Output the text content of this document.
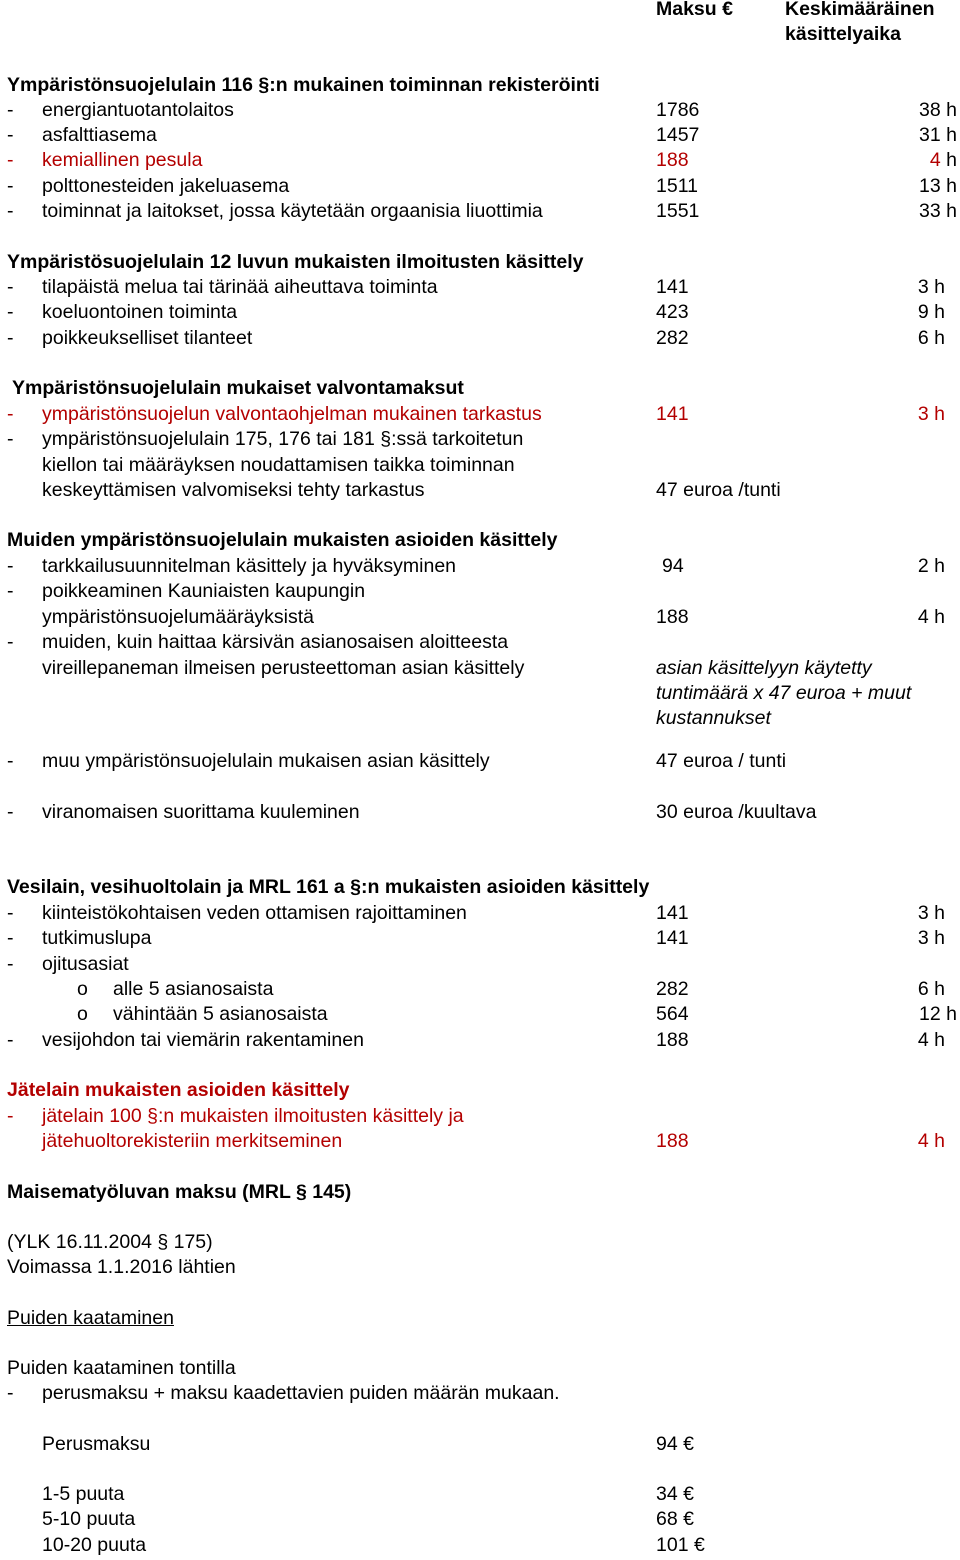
Maksu €	Keskimääräinen
käsittelyaika
Ympäristönsuojelulain 116 §:n mukainen toiminnan rekisteröinti
- energiantuotantolaitos	1786	38 h
- asfalttiasema	1457	31 h
- kemiallinen pesula	188	4 h
- polttonesteiden jakeluasema	1511	13 h
- toiminnat ja laitokset, jossa käytetään orgaanisia liuottimia	1551	33 h
Ympäristösuojelulain 12 luvun mukaisten ilmoitusten käsittely
- tilapäistä melua tai tärinää aiheuttava toiminta	141	3 h
- koeluontoinen toiminta	423	9 h
- poikkeukselliset tilanteet	282	6 h
Ympäristönsuojelulain mukaiset valvontamaksut
- ympäristönsuojelun valvontaohjelman mukainen tarkastus	141	3 h
- ympäristönsuojelulain 175, 176 tai 181 §:ssä tarkoitetun
kiellon tai määräyksen noudattamisen taikka toiminnan
keskeyttämisen valvomiseksi tehty tarkastus	47 euroa /tunti
Muiden ympäristönsuojelulain mukaisten asioiden käsittely
- tarkkailusuunnitelman käsittely ja hyväksyminen	94	2 h
- poikkeaminen Kauniaisten kaupungin
ympäristönsuojelumääräyksistä	188	4 h
- muiden, kuin haittaa kärsivän asianosaisen aloitteesta
vireillepaneman ilmeisen perusteettoman asian käsittely	asian käsittelyyn käytetty
tuntimäärä x 47 euroa + muut
kustannukset
- muu ympäristönsuojelulain mukaisen asian käsittely	47 euroa / tunti
- viranomaisen suorittama kuuleminen	30 euroa /kuultava
Vesilain, vesihuoltolain ja MRL 161 a §:n mukaisten asioiden käsittely
- kiinteistökohtaisen veden ottamisen rajoittaminen	141	3 h
- tutkimuslupa	141	3 h
- ojitusasiat
o alle 5 asianosaista	282	6 h
o vähintään 5 asianosaista	564	12 h
- vesijohdon tai viemärin rakentaminen	188	4 h
Jätelain mukaisten asioiden käsittely
- jätelain 100 §:n mukaisten ilmoitusten käsittely ja
jätehuoltorekisteriin merkitseminen	188	4 h
Maisematyöluvan maksu (MRL § 145)
(YLK 16.11.2004 § 175)
Voimassa 1.1.2016 lähtien
Puiden kaataminen
Puiden kaataminen tontilla
- perusmaksu + maksu kaadettavien puiden määrän mukaan.
Perusmaksu	94 €
1-5 puuta	34 €
5-10 puuta	68 €
10-20 puuta	101 €
